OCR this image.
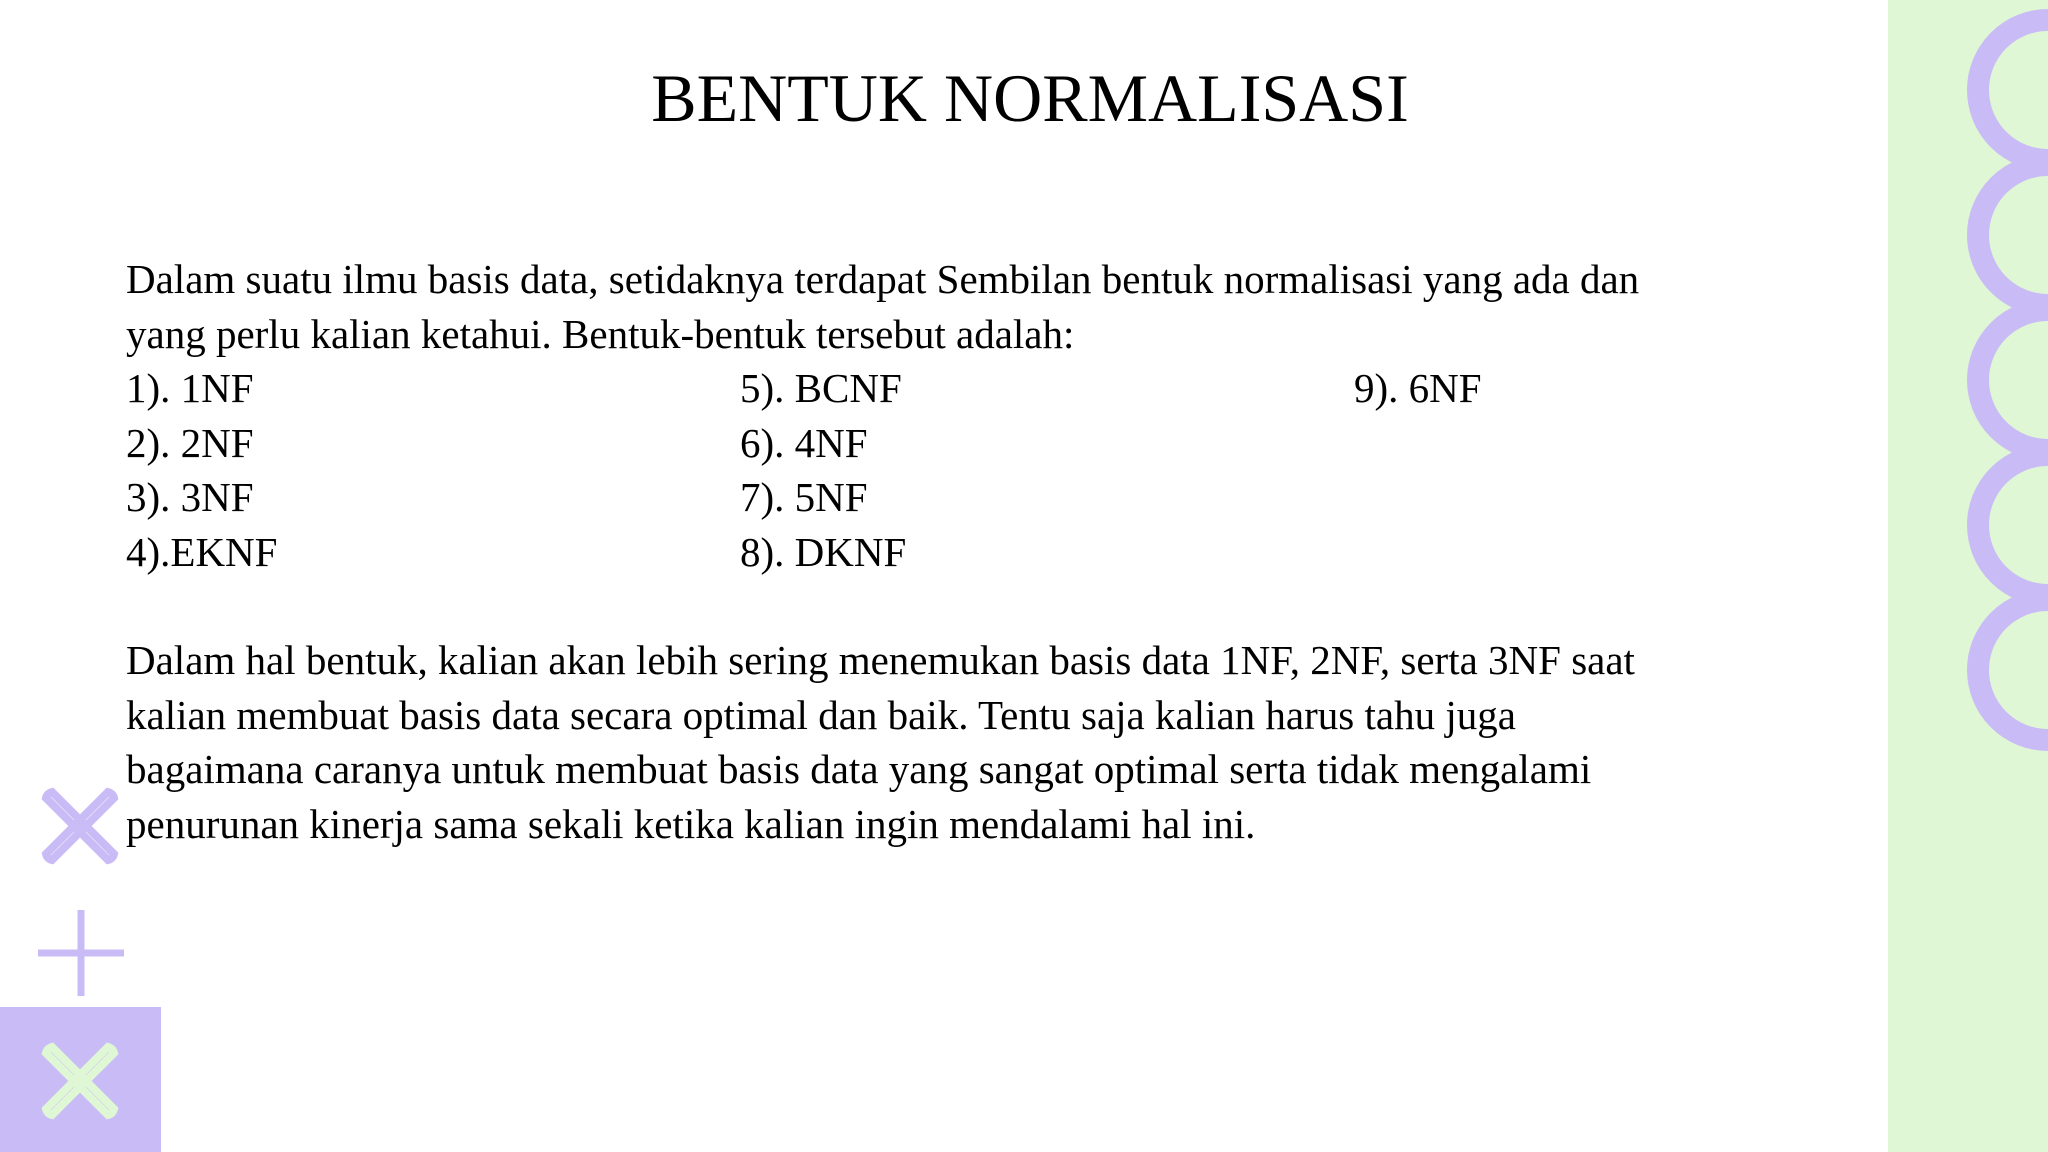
BENTUK NORMALISASI
Dalam suatu ilmu basis data, setidaknya terdapat Sembilan bentuk normalisasi yang ada dan
yang perlu kalian ketahui. Bentuk-bentuk tersebut adalah:
1). 1NF
2). 2NF
3). 3NF
4).EKNF
5). BCNF
6). 4NF
7). 5NF
8). DKNF
9). 6NF
Dalam hal bentuk, kalian akan lebih sering menemukan basis data 1NF, 2NF, serta 3NF saat
kalian membuat basis data secara optimal dan baik. Tentu saja kalian harus tahu juga
bagaimana caranya untuk membuat basis data yang sangat optimal serta tidak mengalami
penurunan kinerja sama sekali ketika kalian ingin mendalami hal ini.
